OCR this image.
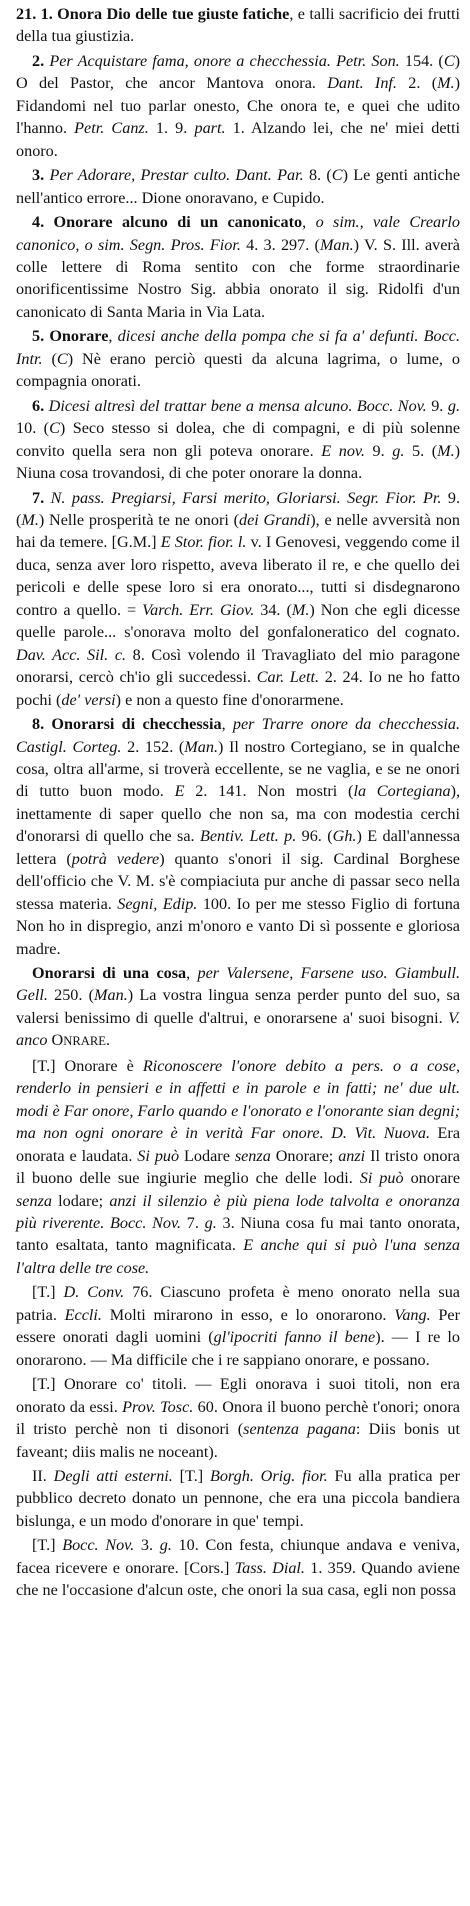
21. 1. Onora Dio delle tue giuste fatiche, e talli sacrificio dei frutti della tua giustizia.

2. Per Acquistare fama, onore a checchessia. Petr. Son. 154. (C) O del Pastor, che ancor Mantova onora. Dant. Inf. 2. (M.) Fidandomi nel tuo parlar onesto, Che onora te, e quei che udito l'hanno. Petr. Canz. 1. 9. part. 1. Alzando lei, che ne' miei detti onoro.

3. Per Adorare, Prestar culto. Dant. Par. 8. (C) Le genti antiche nell'antico errore... Dione onoravano, e Cupido.

4. Onorare alcuno di un canonicato, o sim., vale Crearlo canonico, o sim. Segn. Pros. Fior. 4. 3. 297. (Man.) V. S. Ill. averà colle lettere di Roma sentito con che forme straordinarie onorificentissime Nostro Sig. abbia onorato il sig. Ridolfi d'un canonicato di Santa Maria in Via Lata.

5. Onorare, dicesi anche della pompa che si fa a' defunti. Bocc. Intr. (C) Nè erano perciò questi da alcuna lagrima, o lume, o compagnia onorati.

6. Dicesi altresì del trattar bene a mensa alcuno. Bocc. Nov. 9. g. 10. (C) Seco stesso si dolea, che di compagni, e di più solenne convito quella sera non gli poteva onorare. E nov. 9. g. 5. (M.) Niuna cosa trovandosi, di che poter onorare la donna.

7. N. pass. Pregiarsi, Farsi merito, Gloriarsi. Segr. Fior. Pr. 9. (M.) Nelle prosperità te ne onori (dei Grandi), e nelle avversità non hai da temere. [G.M.] E Stor. fior. l. v. I Genovesi, veggendo come il duca, senza aver loro rispetto, aveva liberato il re, e che quello dei pericoli e delle spese loro si era onorato..., tutti si disdegnarono contro a quello. = Varch. Err. Giov. 34. (M.) Non che egli dicesse quelle parole... s'onorava molto del gonfaloneratico del cognato. Dav. Acc. Sil. c. 8. Così volendo il Travagliato del mio paragone onorarsi, cercò ch'io gli succedessi. Car. Lett. 2. 24. Io ne ho fatto pochi (de' versi) e non a questo fine d'onorarmene.

8. Onorarsi di checchessia, per Trarre onore da checchessia. Castigl. Corteg. 2. 152. (Man.) Il nostro Cortegiano, se in qualche cosa, oltra all'arme, si troverà eccellente, se ne vaglia, e se ne onori di tutto buon modo. E 2. 141. Non mostri (la Cortegiana), inettamente di saper quello che non sa, ma con modestia cerchi d'onorarsi di quello che sa. Bentiv. Lett. p. 96. (Gh.) E dall'annessa lettera (potrà vedere) quanto s'onori il sig. Cardinal Borghese dell'officio che V. M. s'è compiaciuta pur anche di passar seco nella stessa materia. Segni, Edip. 100. Io per me stesso Figlio di fortuna Non ho in dispregio, anzi m'onoro e vanto Di sì possente e gloriosa madre.

Onorarsi di una cosa, per Valersene, Farsene uso. Giambull. Gell. 250. (Man.) La vostra lingua senza perder punto del suo, sa valersi benissimo di quelle d'altrui, e onorarsene a' suoi bisogni. V. anco ONRARE.

[T.] Onorare è Riconoscere l'onore debito a pers. o a cose, renderlo in pensieri e in affetti e in parole e in fatti; ne' due ult. modi è Far onore, Farlo quando e l'onorato e l'onorante sian degni; ma non ogni onorare è in verità Far onore. D. Vit. Nuova. Era onorata e laudata. Si può Lodare senza Onorare; anzi Il tristo onora il buono delle sue ingiurie meglio che delle lodi. Si può onorare senza lodare; anzi il silenzio è più piena lode talvolta e onoranza più riverente. Bocc. Nov. 7. g. 3. Niuna cosa fu mai tanto onorata, tanto esaltata, tanto magnificata. E anche qui si può l'una senza l'altra delle tre cose.

[T.] D. Conv. 76. Ciascuno profeta è meno onorato nella sua patria. Eccli. Molti mirarono in esso, e lo onorarono. Vang. Per essere onorati dagli uomini (gl'ipocriti fanno il bene). — I re lo onorarono. — Ma difficile che i re sappiano onorare, e possano.

[T.] Onorare co' titoli. — Egli onorava i suoi titoli, non era onorato da essi. Prov. Tosc. 60. Onora il buono perchè t'onori; onora il tristo perchè non ti disonori (sentenza pagana: Diis bonis ut faveant; diis malis ne noceant).

II. Degli atti esterni. [T.] Borgh. Orig. fior. Fu alla pratica per pubblico decreto donato un pennone, che era una piccola bandiera bislunga, e un modo d'onorare in que' tempi.

[T.] Bocc. Nov. 3. g. 10. Con festa, chiunque andava e veniva, facea ricevere e onorare. [Cors.] Tass. Dial. 1. 359. Quando aviene che ne l'occasione d'alcun oste, che onori la sua casa, egli non possa
